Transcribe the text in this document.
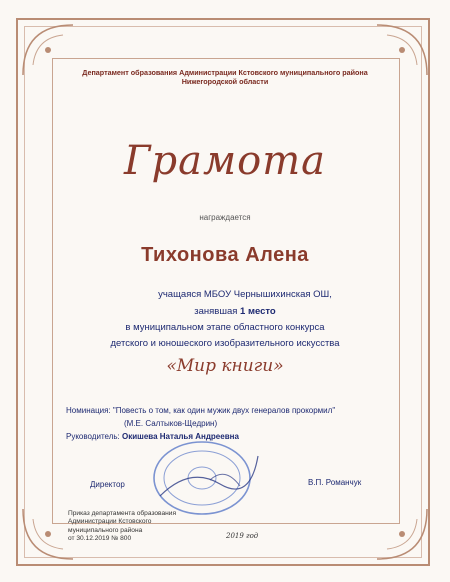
Департамент образования Администрации Кстовского муниципального района Нижегородской области
Грамота
награждается
Тихонова Алена
учащаяся МБОУ Чернышихинская ОШ,
занявшая 1 место
в муниципальном этапе областного конкурса
детского и юношеского изобразительного искусства
«Мир книги»
Номинация: "Повесть о том, как один мужик двух генералов прокормил"
(М.Е. Салтыков-Щедрин)
Руководитель: Окишева Наталья Андреевна
Директор	В.П. Романчук
Приказ департамента образования
Администрации Кстовского
муниципального района
от 30.12.2019 № 800	2019 год
